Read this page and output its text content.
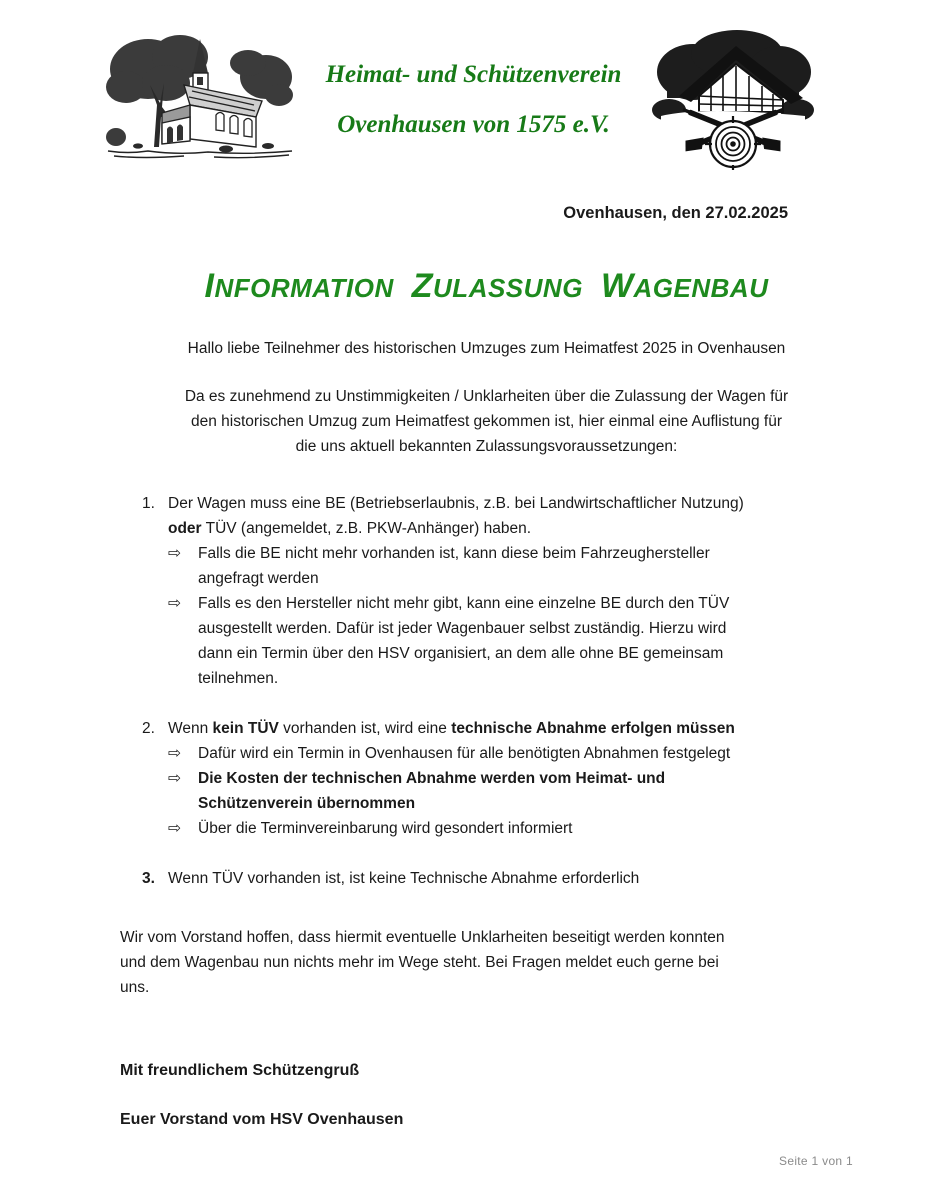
Heimat- und Schützenverein
Ovenhausen von 1575 e.V.
Ovenhausen, den 27.02.2025
INFORMATION ZULASSUNG WAGENBAU
Hallo liebe Teilnehmer des historischen Umzuges zum Heimatfest 2025 in Ovenhausen
Da es zunehmend zu Unstimmigkeiten / Unklarheiten über die Zulassung der Wagen für
den historischen Umzug zum Heimatfest gekommen ist, hier einmal eine Auflistung für
die uns aktuell bekannten Zulassungsvoraussetzungen:
1. Der Wagen muss eine BE (Betriebserlaubnis, z.B. bei Landwirtschaftlicher Nutzung)
oder TÜV (angemeldet, z.B. PKW-Anhänger) haben.
⇨	Falls die BE nicht mehr vorhanden ist, kann diese beim Fahrzeughersteller
angefragt werden
⇨	Falls es den Hersteller nicht mehr gibt, kann eine einzelne BE durch den TÜV
ausgestellt werden. Dafür ist jeder Wagenbauer selbst zuständig. Hierzu wird
dann ein Termin über den HSV organisiert, an dem alle ohne BE gemeinsam
teilnehmen.
2. Wenn kein TÜV vorhanden ist, wird eine technische Abnahme erfolgen müssen
⇨	Dafür wird ein Termin in Ovenhausen für alle benötigten Abnahmen festgelegt
⇨	Die Kosten der technischen Abnahme werden vom Heimat- und
Schützenverein übernommen
⇨	Über die Terminvereinbarung wird gesondert informiert
3. Wenn TÜV vorhanden ist, ist keine Technische Abnahme erforderlich
Wir vom Vorstand hoffen, dass hiermit eventuelle Unklarheiten beseitigt werden konnten
und dem Wagenbau nun nichts mehr im Wege steht. Bei Fragen meldet euch gerne bei
uns.
Mit freundlichem Schützengruß
Euer Vorstand vom HSV Ovenhausen
Seite 1 von 1
